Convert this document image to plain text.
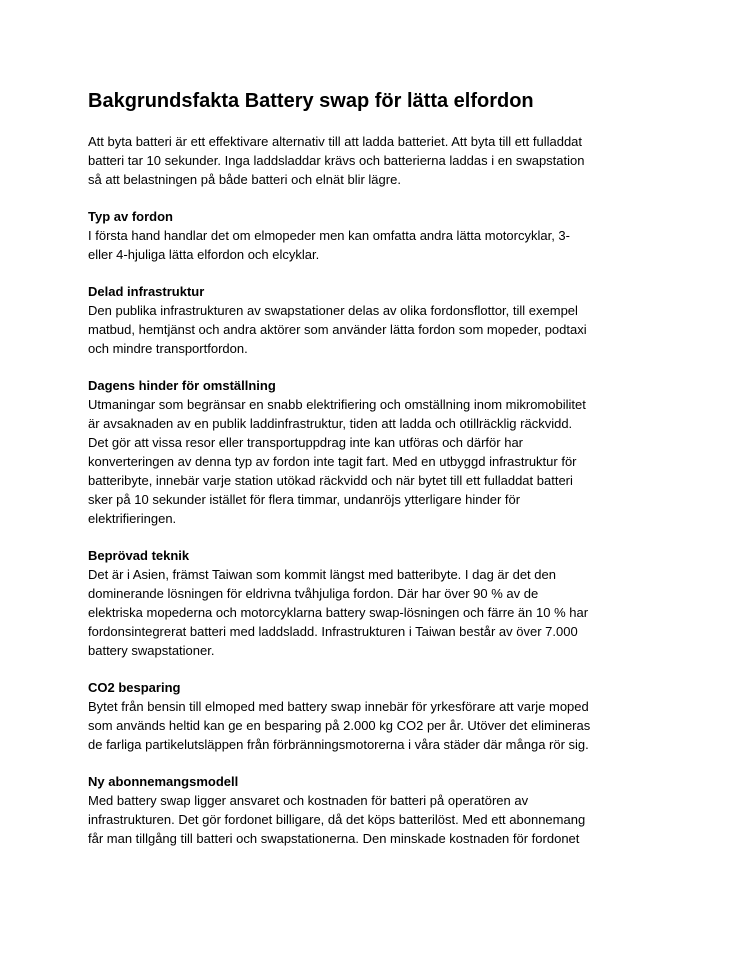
Bakgrundsfakta Battery swap för lätta elfordon

Att byta batteri är ett effektivare alternativ till att ladda batteriet. Att byta till ett fulladdat

batteri tar 10 sekunder. Inga laddsladdar krävs och batterierna laddas i en swapstation

så att belastningen på både batteri och elnät blir lägre.

Typ av fordon

I första hand handlar det om elmopeder men kan omfatta andra lätta motorcyklar, 3-

eller 4-hjuliga lätta elfordon och elcyklar.

Delad infrastruktur

Den publika infrastrukturen av swapstationer delas av olika fordonsflottor, till exempel

matbud, hemtjänst och andra aktörer som använder lätta fordon som mopeder, podtaxi

och mindre transportfordon.

Dagens hinder för omställning

Utmaningar som begränsar en snabb elektrifiering och omställning inom mikromobilitet

är avsaknaden av en publik laddinfrastruktur, tiden att ladda och otillräcklig räckvidd.

Det gör att vissa resor eller transportuppdrag inte kan utföras och därför har

konverteringen av denna typ av fordon inte tagit fart. Med en utbyggd infrastruktur för

batteribyte, innebär varje station utökad räckvidd och när bytet till ett fulladdat batteri

sker på 10 sekunder istället för flera timmar, undanröjs ytterligare hinder för

elektrifieringen.

Beprövad teknik

Det är i Asien, främst Taiwan som kommit längst med batteribyte. I dag är det den

dominerande lösningen för eldrivna tvåhjuliga fordon. Där har över 90 % av de

elektriska mopederna och motorcyklarna battery swap-lösningen och färre än 10 % har

fordonsintegrerat batteri med laddsladd. Infrastrukturen i Taiwan består av över 7.000

battery swapstationer.

CO2 besparing

Bytet från bensin till elmoped med battery swap innebär för yrkesförare att varje moped

som används heltid kan ge en besparing på 2.000 kg CO2 per år. Utöver det elimineras

de farliga partikelutsläppen från förbränningsmotorerna i våra städer där många rör sig.

Ny abonnemangsmodell

Med battery swap ligger ansvaret och kostnaden för batteri på operatören av

infrastrukturen. Det gör fordonet billigare, då det köps batterilöst. Med ett abonnemang

får man tillgång till batteri och swapstationerna. Den minskade kostnaden för fordonet
